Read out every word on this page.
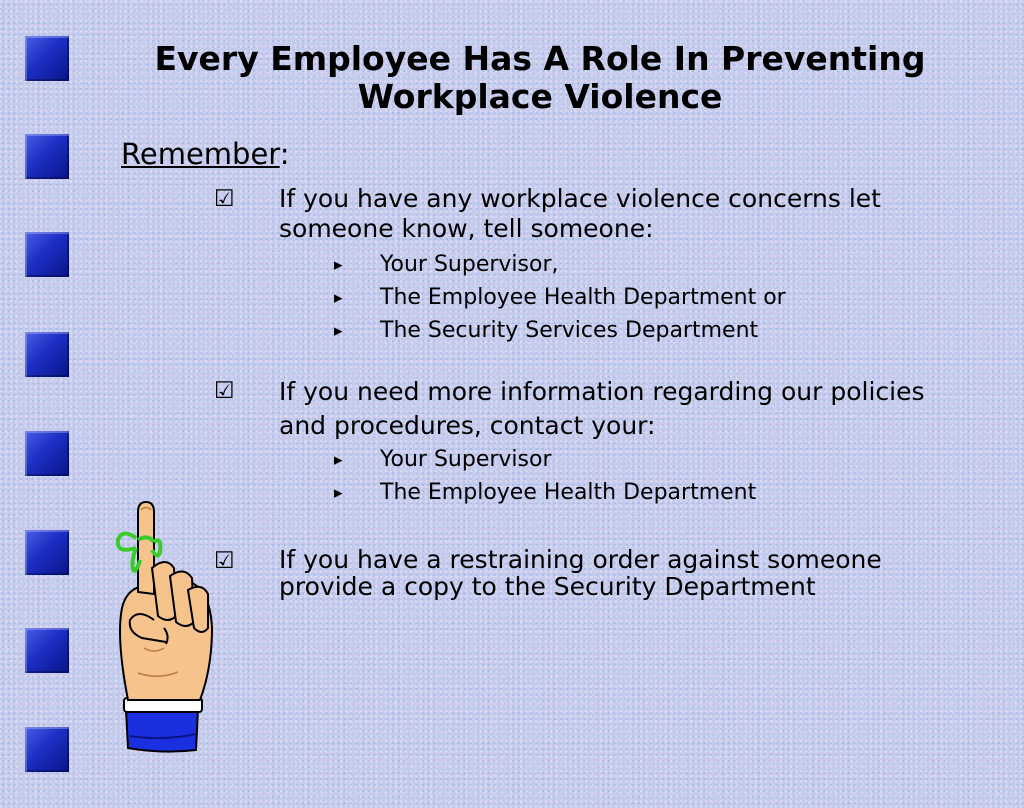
Every Employee Has A Role In Preventing Workplace Violence
Remember:
☑ If you have any workplace violence concerns let someone know, tell someone:
▸ Your Supervisor,
▸ The Employee Health Department or
▸ The Security Services Department
☑ If you need more information regarding our policies and procedures, contact your:
▸ Your Supervisor
▸ The Employee Health Department
☑ If you have a restraining order against someone provide a copy to the Security Department
